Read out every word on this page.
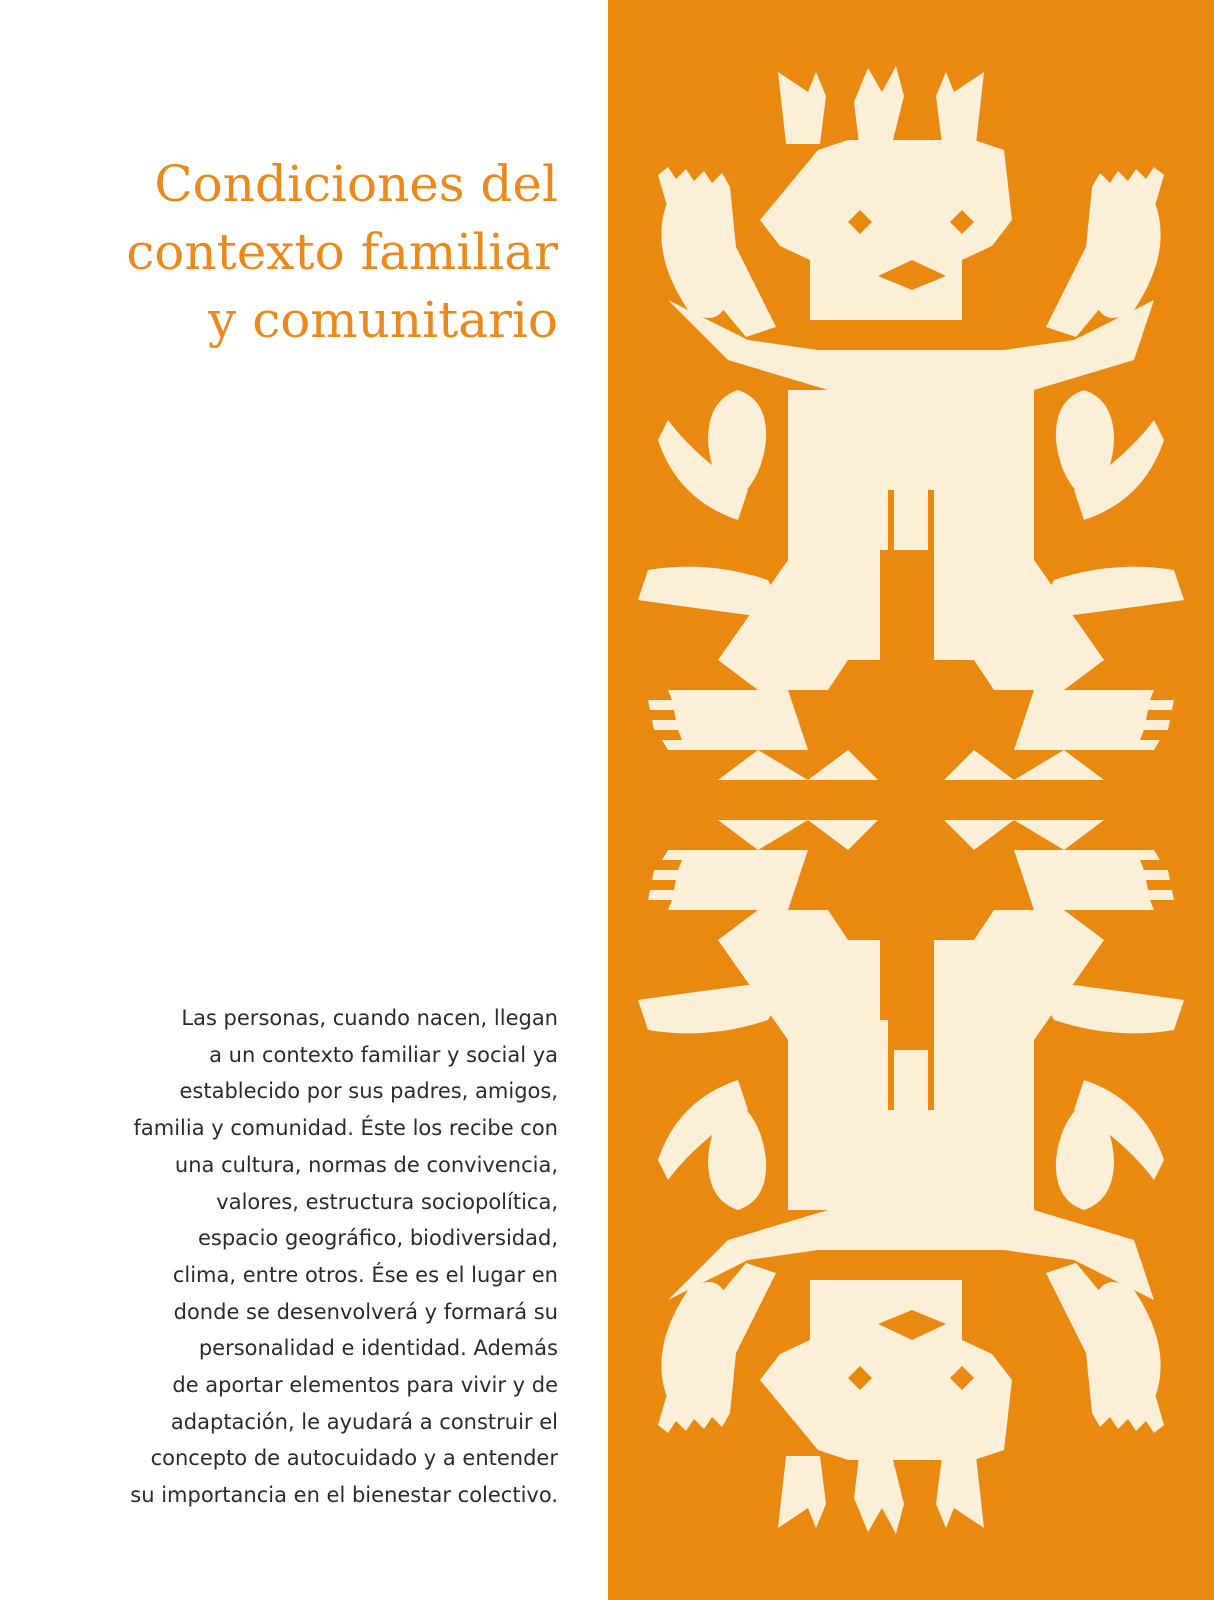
Condiciones del
contexto familiar
y comunitario

Las personas, cuando nacen, llegan
a un contexto familiar y social ya
establecido por sus padres, amigos,
familia y comunidad. Éste los recibe con
una cultura, normas de convivencia,
valores, estructura sociopolítica,
espacio geográfico, biodiversidad,
clima, entre otros. Ése es el lugar en
donde se desenvolverá y formará su
personalidad e identidad. Además
de aportar elementos para vivir y de
adaptación, le ayudará a construir el
concepto de autocuidado y a entender
su importancia en el bienestar colectivo.
